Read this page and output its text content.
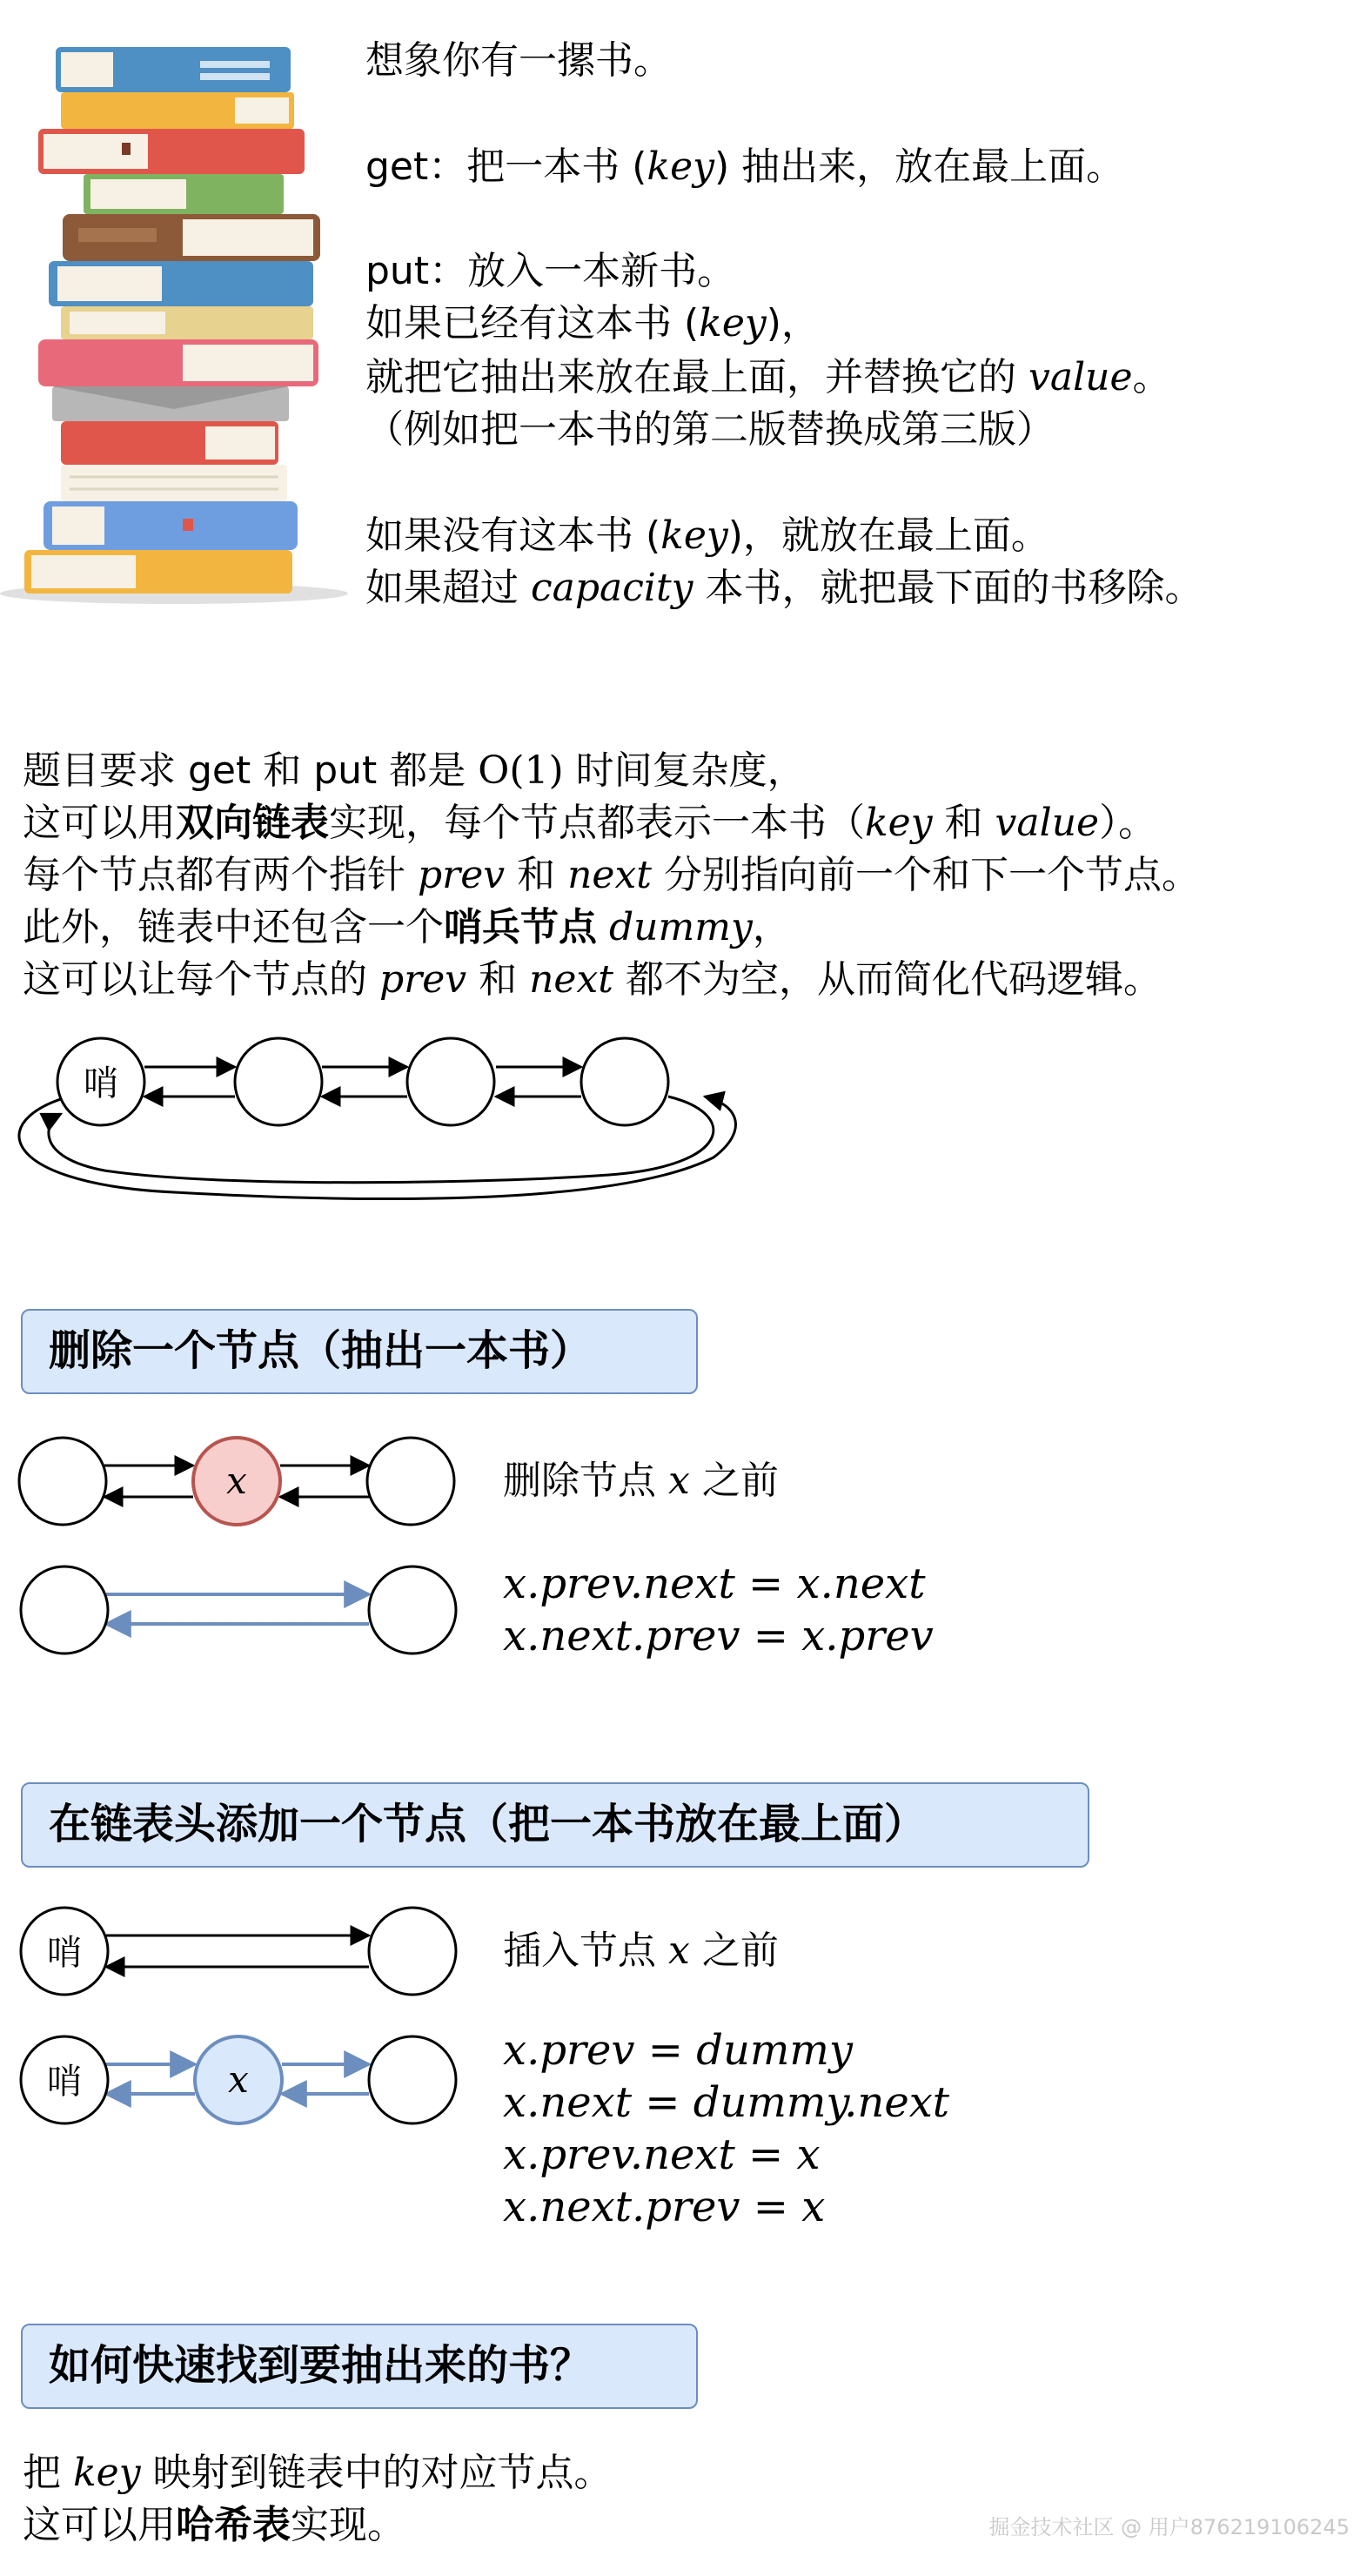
想象你有一摞书。
get：把一本书 (key) 抽出来，放在最上面。
put：放入一本新书。
如果已经有这本书 (key)，
就把它抽出来放在最上面，并替换它的 value。
（例如把一本书的第二版替换成第三版）
如果没有这本书 (key)，就放在最上面。
如果超过 capacity 本书，就把最下面的书移除。
题目要求 get 和 put 都是 O(1) 时间复杂度，
这可以用双向链表实现，每个节点都表示一本书（key 和 value）。
每个节点都有两个指针 prev 和 next 分别指向前一个和下一个节点。
此外，链表中还包含一个哨兵节点 dummy，
这可以让每个节点的 prev 和 next 都不为空，从而简化代码逻辑。
哨
删除一个节点（抽出一本书）
x	删除节点 x 之前
x.prev.next = x.next
x.next.prev = x.prev
在链表头添加一个节点（把一本书放在最上面）
哨
哨	x
插入节点 x 之前
x.prev = dummy
x.next = dummy.next
x.prev.next = x
x.next.prev = x
如何快速找到要抽出来的书？
把 key 映射到链表中的对应节点。
这可以用哈希表实现。	掘金技术社区 @ 用户876219106245
